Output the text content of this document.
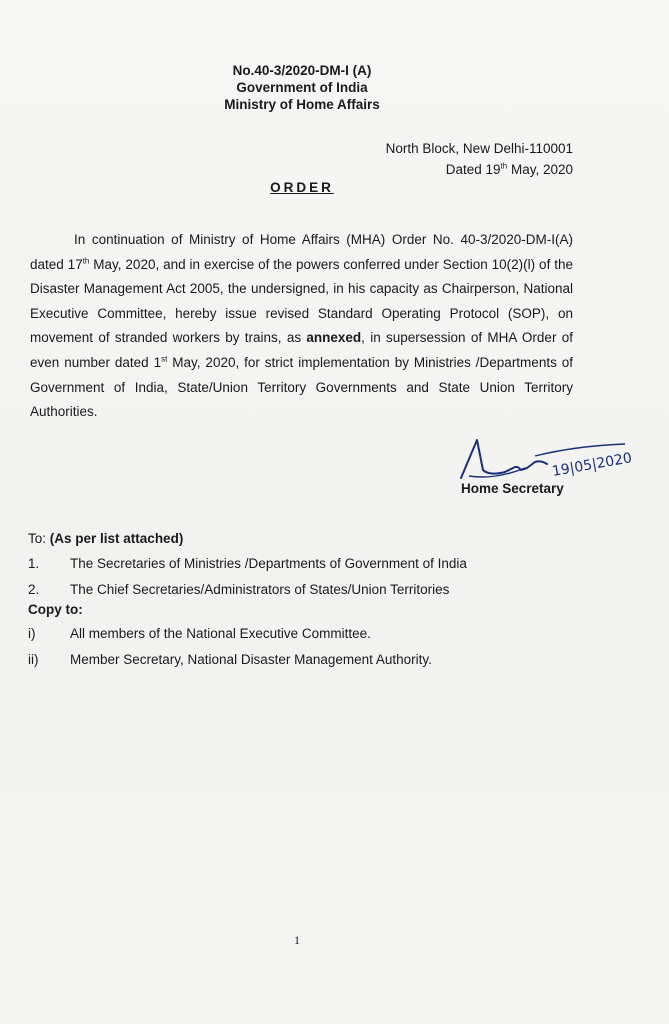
No.40-3/2020-DM-I (A)
Government of India
Ministry of Home Affairs
North Block, New Delhi-110001
Dated 19th May, 2020
ORDER
In continuation of Ministry of Home Affairs (MHA) Order No. 40-3/2020-DM-I(A) dated 17th May, 2020, and in exercise of the powers conferred under Section 10(2)(l) of the Disaster Management Act 2005, the undersigned, in his capacity as Chairperson, National Executive Committee, hereby issue revised Standard Operating Protocol (SOP), on movement of stranded workers by trains, as annexed, in supersession of MHA Order of even number dated 1st May, 2020, for strict implementation by Ministries /Departments of Government of India, State/Union Territory Governments and State Union Territory Authorities.
19|05|2020
Home Secretary
To: (As per list attached)
1. The Secretaries of Ministries /Departments of Government of India
2. The Chief Secretaries/Administrators of States/Union Territories
Copy to:
i)	All members of the National Executive Committee.
ii) Member Secretary, National Disaster Management Authority.
1
